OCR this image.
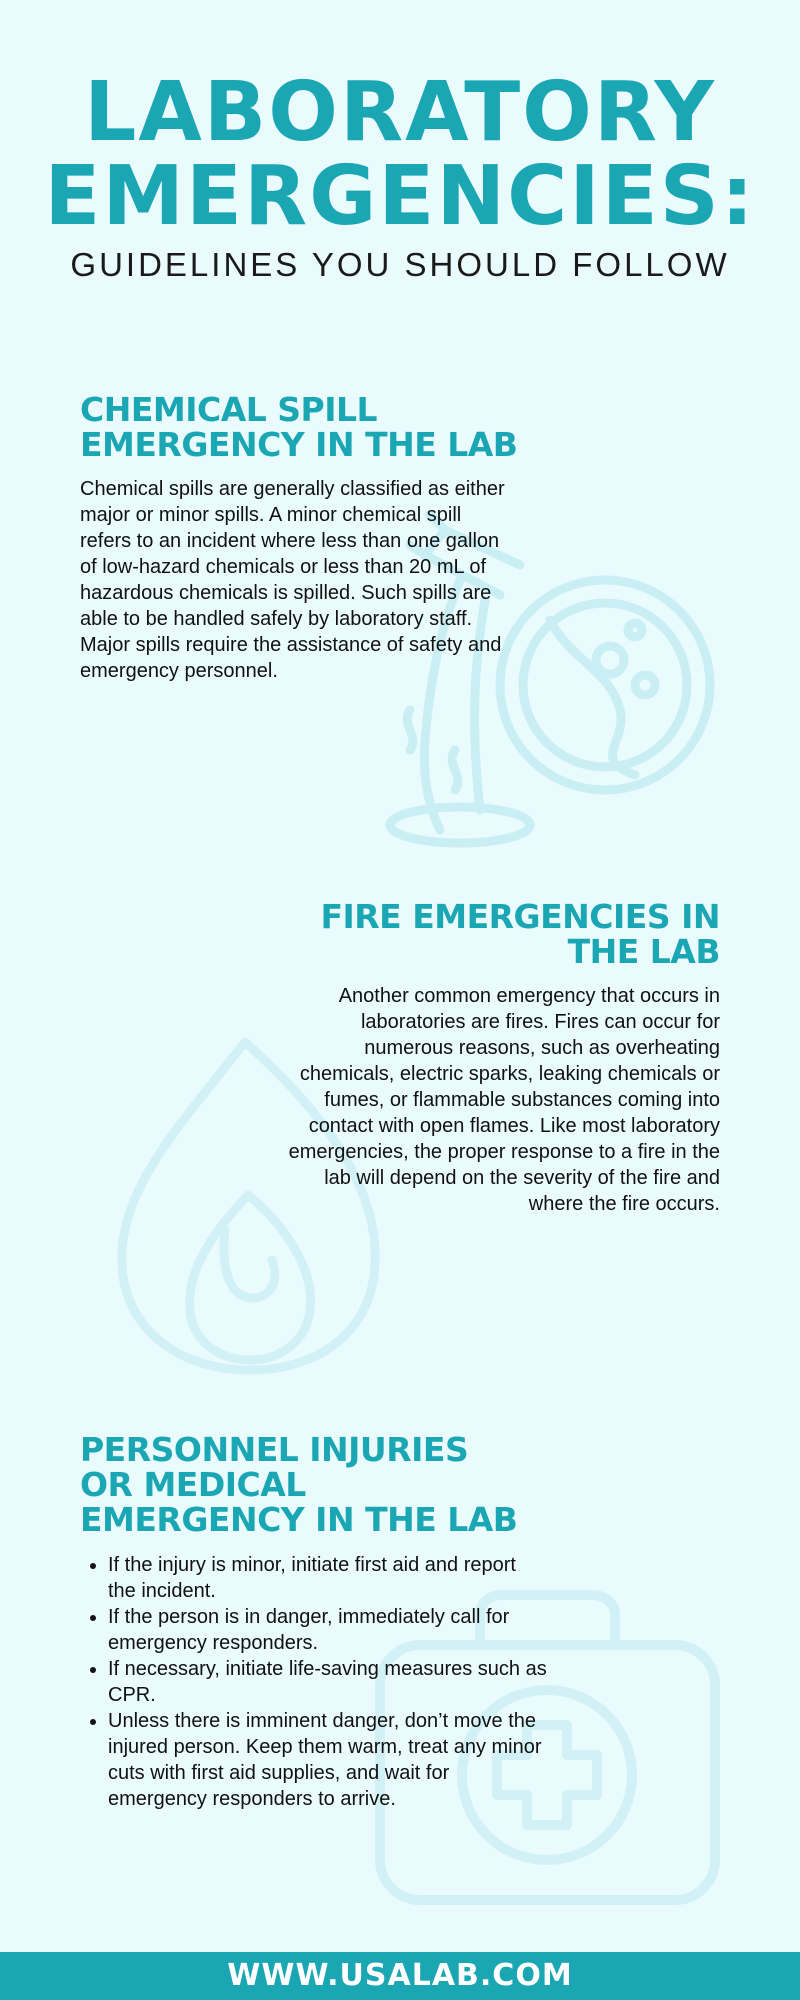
LABORATORY
EMERGENCIES:
GUIDELINES YOU SHOULD FOLLOW
CHEMICAL SPILL EMERGENCY IN THE LAB

Chemical spills are generally classified as either major or minor spills. A minor chemical spill refers to an incident where less than one gallon of low-hazard chemicals or less than 20 mL of hazardous chemicals is spilled. Such spills are able to be handled safely by laboratory staff. Major spills require the assistance of safety and emergency personnel.

FIRE EMERGENCIES IN THE LAB

Another common emergency that occurs in laboratories are fires. Fires can occur for numerous reasons, such as overheating chemicals, electric sparks, leaking chemicals or fumes, or flammable substances coming into contact with open flames. Like most laboratory emergencies, the proper response to a fire in the lab will depend on the severity of the fire and where the fire occurs.

PERSONNEL INJURIES OR MEDICAL EMERGENCY IN THE LAB
• If the injury is minor, initiate first aid and report the incident.
• If the person is in danger, immediately call for emergency responders.
• If necessary, initiate life-saving measures such as CPR.
• Unless there is imminent danger, don’t move the injured person. Keep them warm, treat any minor cuts with first aid supplies, and wait for emergency responders to arrive.
WWW.USALAB.COM
